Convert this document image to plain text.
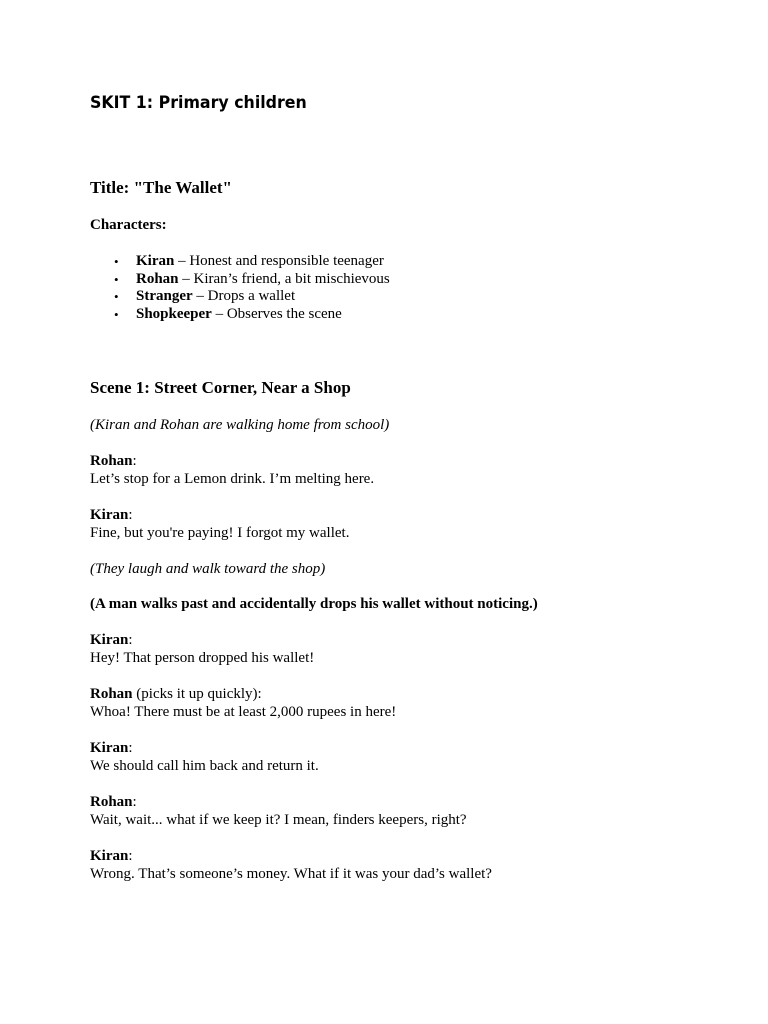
SKIT 1: Primary children
Title: "The Wallet"
Characters:
• Kiran – Honest and responsible teenager
• Rohan – Kiran’s friend, a bit mischievous
• Stranger – Drops a wallet
• Shopkeeper – Observes the scene
Scene 1: Street Corner, Near a Shop
(Kiran and Rohan are walking home from school)
Rohan:
Let’s stop for a Lemon drink. I’m melting here.
Kiran:
Fine, but you're paying! I forgot my wallet.
(They laugh and walk toward the shop)
(A man walks past and accidentally drops his wallet without noticing.)
Kiran:
Hey! That person dropped his wallet!
Rohan (picks it up quickly):
Whoa! There must be at least 2,000 rupees in here!
Kiran:
We should call him back and return it.
Rohan:
Wait, wait... what if we keep it? I mean, finders keepers, right?
Kiran:
Wrong. That’s someone’s money. What if it was your dad’s wallet?
